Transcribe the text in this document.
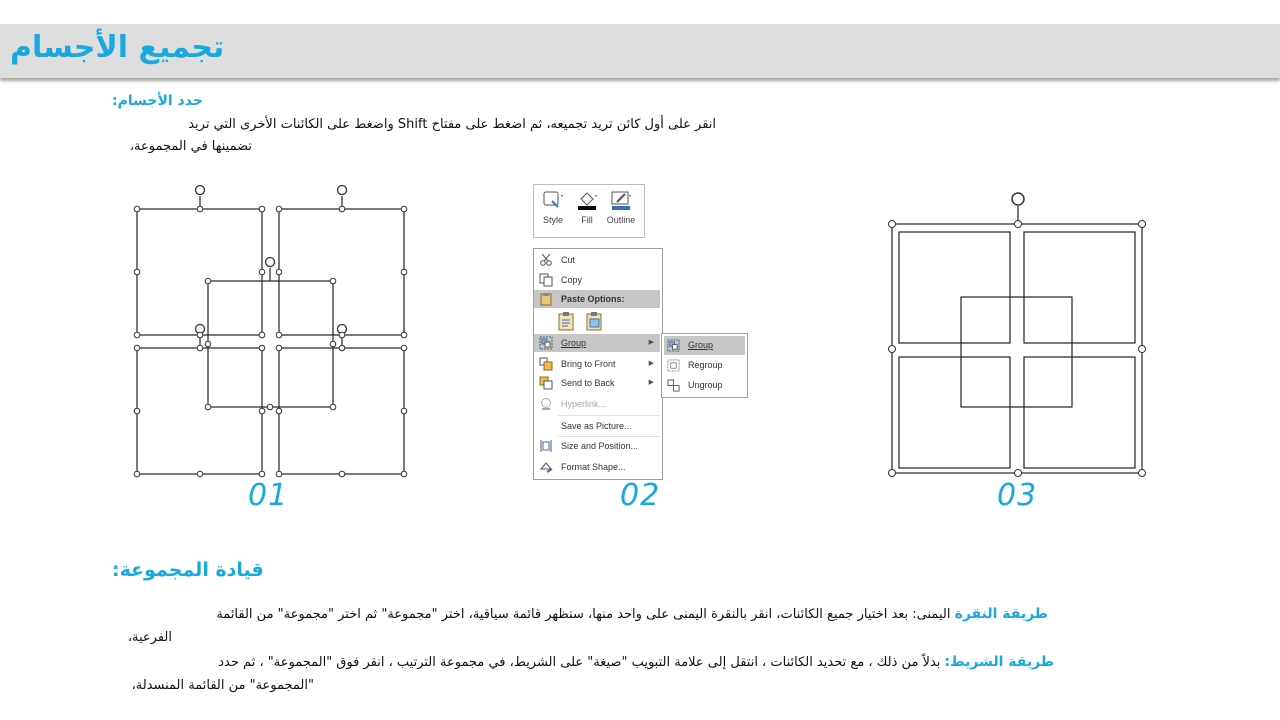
تجميع الأجسام
حدد الأجسام:
انقر على أول كائن تريد تجميعه، ثم اضغط على مفتاح Shift واضغط على الكائنات الأخرى التي تريد
تضمينها في المجموعة،
01
Style	Fill	Outline
Cut
Copy
Paste Options:
Group	▶
Bring to Front	▶
Send to Back	▶
Hyperlink...
Save as Picture...
Size and Position...
Format Shape...
Group
Regroup
Ungroup
02	03
قيادة المجموعة:
طريقة النقرة اليمنى: بعد اختيار جميع الكائنات، انقر بالنقرة اليمنى على واحد منها، ستظهر قائمة سياقية، اختر "مجموعة" ثم اختر "مجموعة" من القائمة
الفرعية،
طريقة الشريط: بدلاً من ذلك ، مع تحديد الكائنات ، انتقل إلى علامة التبويب "صيغة" على الشريط، في مجموعة الترتيب ، انقر فوق "المجموعة" ، ثم حدد
"المجموعة" من القائمة المنسدلة،
